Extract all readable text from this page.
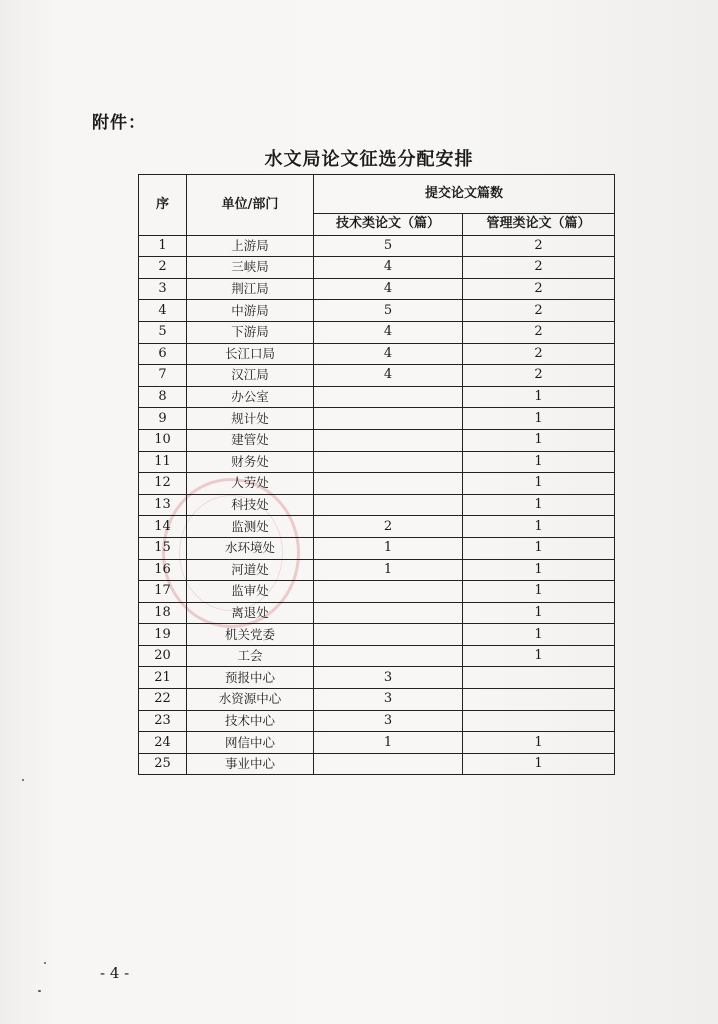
附件：
水文局论文征选分配安排
序	单位/部门	提交论文篇数	
		技术类论文（篇）	管理类论文（篇）
1	上游局	5	2
2	三峡局	4	2
3	荆江局	4	2
4	中游局	5	2
5	下游局	4	2
6	长江口局	4	2
7	汉江局	4	2
8	办公室		1
9	规计处		1
10	建管处		1
11	财务处		1
12	人劳处		1
13	科技处		1
14	监测处	2	1
15	水环境处	1	1
16	河道处	1	1
17	监审处		1
18	离退处		1
19	机关党委		1
20	工会		1
21	预报中心	3	
22	水资源中心	3	
23	技术中心	3	
24	网信中心	1	1
25	事业中心		1
- 4 -
